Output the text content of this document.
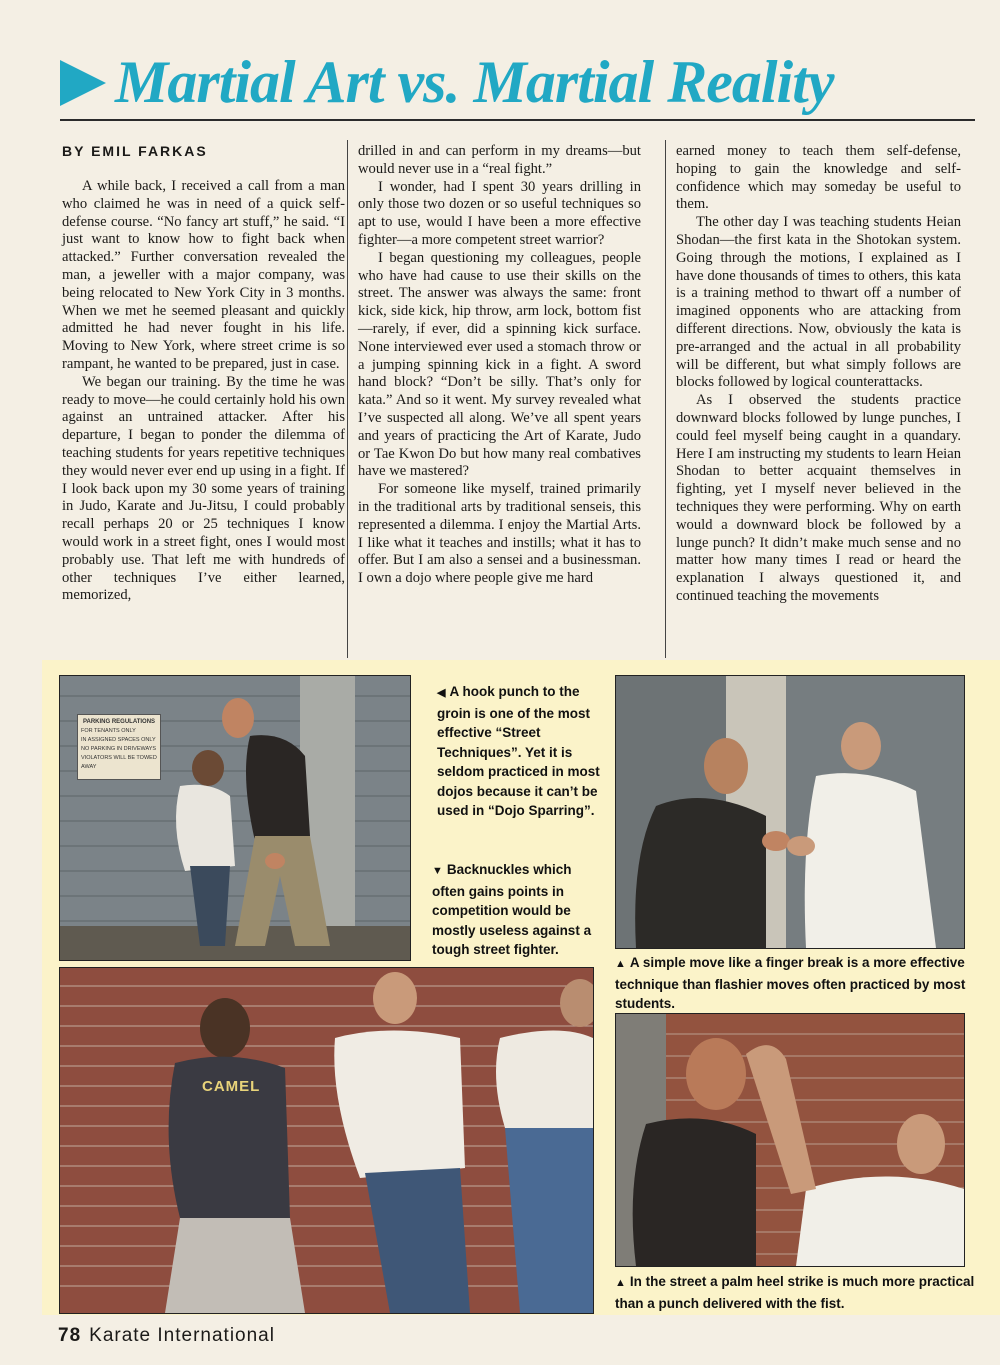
Martial Art vs. Martial Reality
BY EMIL FARKAS

A while back, I received a call from a man who claimed he was in need of a quick self-defense course. “No fancy art stuff,” he said. “I just want to know how to fight back when attacked.” Further conversation revealed the man, a jeweller with a major company, was being relocated to New York City in 3 months. When we met he seemed pleasant and quickly admitted he had never fought in his life. Moving to New York, where street crime is so rampant, he wanted to be prepared, just in case.

We began our training. By the time he was ready to move—he could certainly hold his own against an untrained attacker. After his departure, I began to ponder the dilemma of teaching students for years repetitive techniques they would never ever end up using in a fight. If I look back upon my 30 some years of training in Judo, Karate and Ju-Jitsu, I could probably recall perhaps 20 or 25 techniques I know would work in a street fight, ones I would most probably use. That left me with hundreds of other techniques I’ve either learned, memorized,

drilled in and can perform in my dreams—but would never use in a “real fight.”

I wonder, had I spent 30 years drilling in only those two dozen or so useful techniques so apt to use, would I have been a more effective fighter—a more competent street warrior?

I began questioning my colleagues, people who have had cause to use their skills on the street. The answer was always the same: front kick, side kick, hip throw, arm lock, bottom fist—rarely, if ever, did a spinning kick surface. None interviewed ever used a stomach throw or a jumping spinning kick in a fight. A sword hand block? “Don’t be silly. That’s only for kata.” And so it went. My survey revealed what I’ve suspected all along. We’ve all spent years and years of practicing the Art of Karate, Judo or Tae Kwon Do but how many real combatives have we mastered?

For someone like myself, trained primarily in the traditional arts by traditional senseis, this represented a dilemma. I enjoy the Martial Arts. I like what it teaches and instills; what it has to offer. But I am also a sensei and a businessman. I own a dojo where people give me hard

earned money to teach them self-defense, hoping to gain the knowledge and self-confidence which may someday be useful to them.

The other day I was teaching students Heian Shodan—the first kata in the Shotokan system. Going through the motions, I explained as I have done thousands of times to others, this kata is a training method to thwart off a number of imagined opponents who are attacking from different directions. Now, obviously the kata is pre-arranged and the actual in all probability will be different, but what simply follows are blocks followed by logical counterattacks.

As I observed the students practice downward blocks followed by lunge punches, I could feel myself being caught in a quandary. Here I am instructing my students to learn Heian Shodan to better acquaint themselves in fighting, yet I myself never believed in the techniques they were performing. Why on earth would a downward block be followed by a lunge punch? It didn’t make much sense and no matter how many times I read or heard the explanation I always questioned it, and continued teaching the movements

PARKING REGULATIONS
FOR TENANTS ONLY
IN ASSIGNED SPACES ONLY
NO PARKING IN DRIVEWAYS
VIOLATORS WILL BE TOWED AWAY
◀ A hook punch to the groin is one of the most effective “Street Techniques”. Yet it is seldom practiced in most dojos because it can’t be used in “Dojo Sparring”.
▼ Backnuckles which often gains points in competition would be mostly useless against a tough street fighter.
▲ A simple move like a finger break is a more effective technique than flashier moves often practiced by most students.
CAMEL
▲ In the street a palm heel strike is much more practical than a punch delivered with the fist.
78 Karate International
